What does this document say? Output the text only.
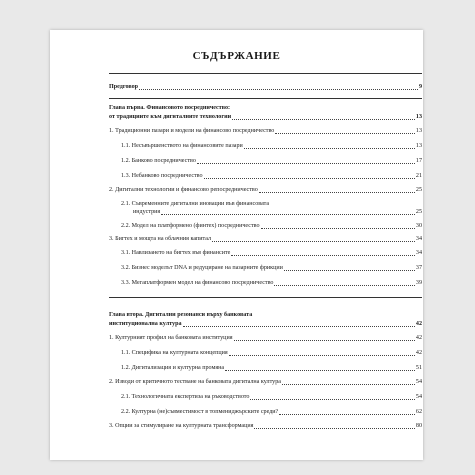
СЪДЪРЖАНИЕ
Предговор	9
Глава първа. Финансовото посредничество:
от традициите към дигиталните технологии	13
1. Традиционни пазари и модели на финансово посредничество	13
1.1. Несъвършенството на финансовите пазари	13
1.2. Банково посредничество	17
1.3. Небанково посредничество	21
2. Дигитални технологии и финансово репосредничество	25
2.1. Съвременните дигитални иновации във финансовата
индустрия	25
2.2. Модел на платформено (финтех) посредничество	30
3. Бигтех и мощта на облачния капитал	34
3.1. Навлизането на бигтех във финансите	34
3.2. Бизнес моделът DNA и редуциране на пазарните фрикции	37
3.3. Мегаплатформен модел на финансово посредничество	39
Глава втора. Дигитални резонанси върху банковата
институционална култура	42
1. Културният профил на банковата институция	42
1.1. Специфика на културната концепция	42
1.2. Дигитализация и културна промяна	51
2. Изводи от критичното тестване на банковата дигитална култура	54
2.1. Технологичната експертиза на ръководството	54
2.2. Културна (не)съвместимост в топмениджърските среди?	62
3. Опции за стимулиране на културната трансформация	80
